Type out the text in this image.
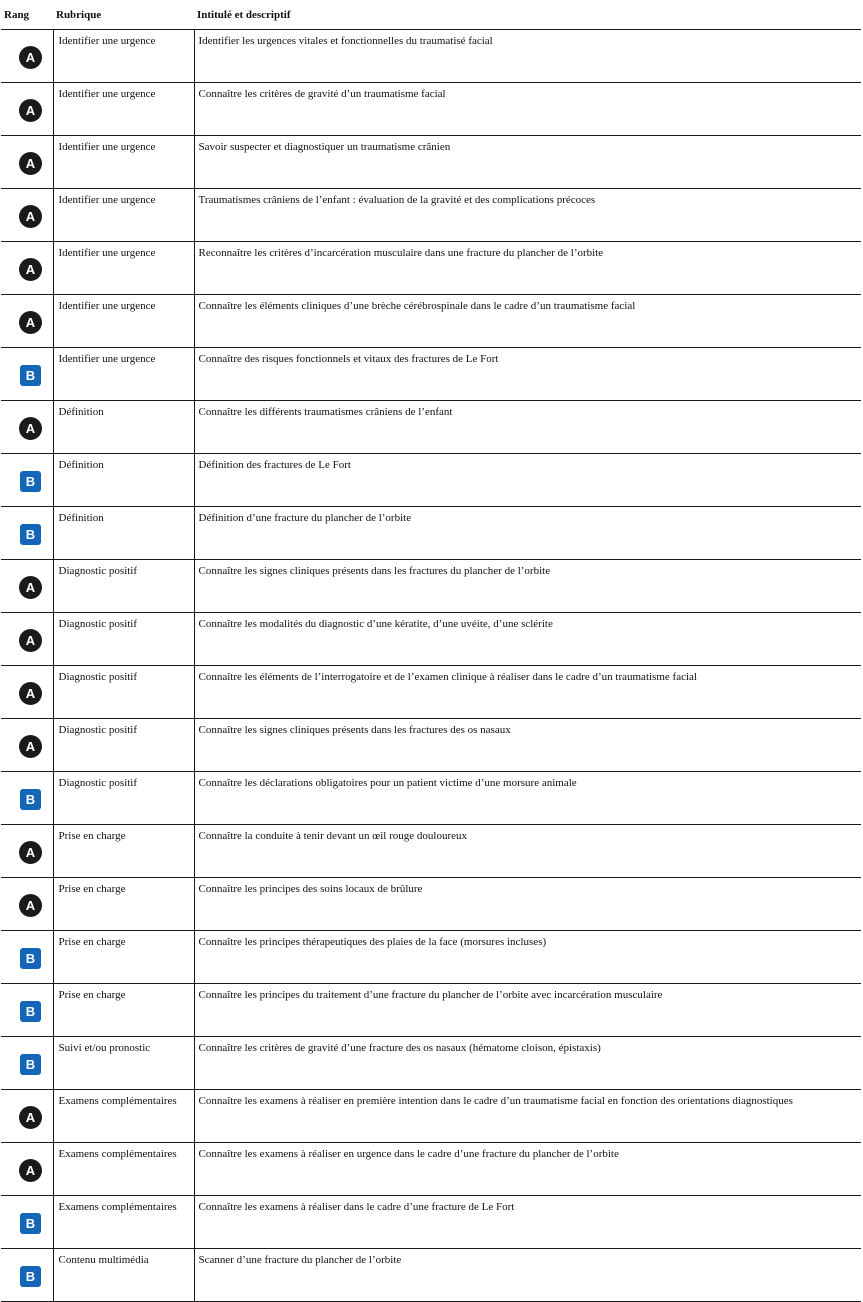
Rang	Rubrique	Intitulé et descriptif

A	Identifier une urgence	Identifier les urgences vitales et fonctionnelles du traumatisé facial

A	Identifier une urgence	Connaître les critères de gravité d’un traumatisme facial

A	Identifier une urgence	Savoir suspecter et diagnostiquer un traumatisme crânien

A	Identifier une urgence	Traumatismes crâniens de l’enfant : évaluation de la gravité et des complications précoces

A	Identifier une urgence	Reconnaître les critères d’incarcération musculaire dans une fracture du plancher de l’orbite

A	Identifier une urgence	Connaître les éléments cliniques d’une brèche cérébrospinale dans le cadre d’un traumatisme facial

B	Identifier une urgence	Connaître des risques fonctionnels et vitaux des fractures de Le Fort

A	Définition	Connaître les différents traumatismes crâniens de l’enfant

B	Définition	Définition des fractures de Le Fort

B	Définition	Définition d’une fracture du plancher de l’orbite

A	Diagnostic positif	Connaître les signes cliniques présents dans les fractures du plancher de l’orbite

A	Diagnostic positif	Connaître les modalités du diagnostic d’une kératite, d’une uvéite, d’une sclérite

A	Diagnostic positif	Connaître les éléments de l’interrogatoire et de l’examen clinique à réaliser dans le cadre d’un traumatisme facial

A	Diagnostic positif	Connaître les signes cliniques présents dans les fractures des os nasaux

B	Diagnostic positif	Connaître les déclarations obligatoires pour un patient victime d’une morsure animale

A	Prise en charge	Connaître la conduite à tenir devant un œil rouge douloureux

A	Prise en charge	Connaître les principes des soins locaux de brûlure

B	Prise en charge	Connaître les principes thérapeutiques des plaies de la face (morsures incluses)

B	Prise en charge	Connaître les principes du traitement d’une fracture du plancher de l’orbite avec incarcération musculaire

B	Suivi et/ou pronostic	Connaître les critères de gravité d’une fracture des os nasaux (hématome cloison, épistaxis)

A	Examens complémentaires	Connaître les examens à réaliser en première intention dans le cadre d’un traumatisme facial en fonction des orientations diagnostiques

A	Examens complémentaires	Connaître les examens à réaliser en urgence dans le cadre d’une fracture du plancher de l’orbite

B	Examens complémentaires	Connaître les examens à réaliser dans le cadre d’une fracture de Le Fort

B	Contenu multimédia	Scanner d’une fracture du plancher de l’orbite
